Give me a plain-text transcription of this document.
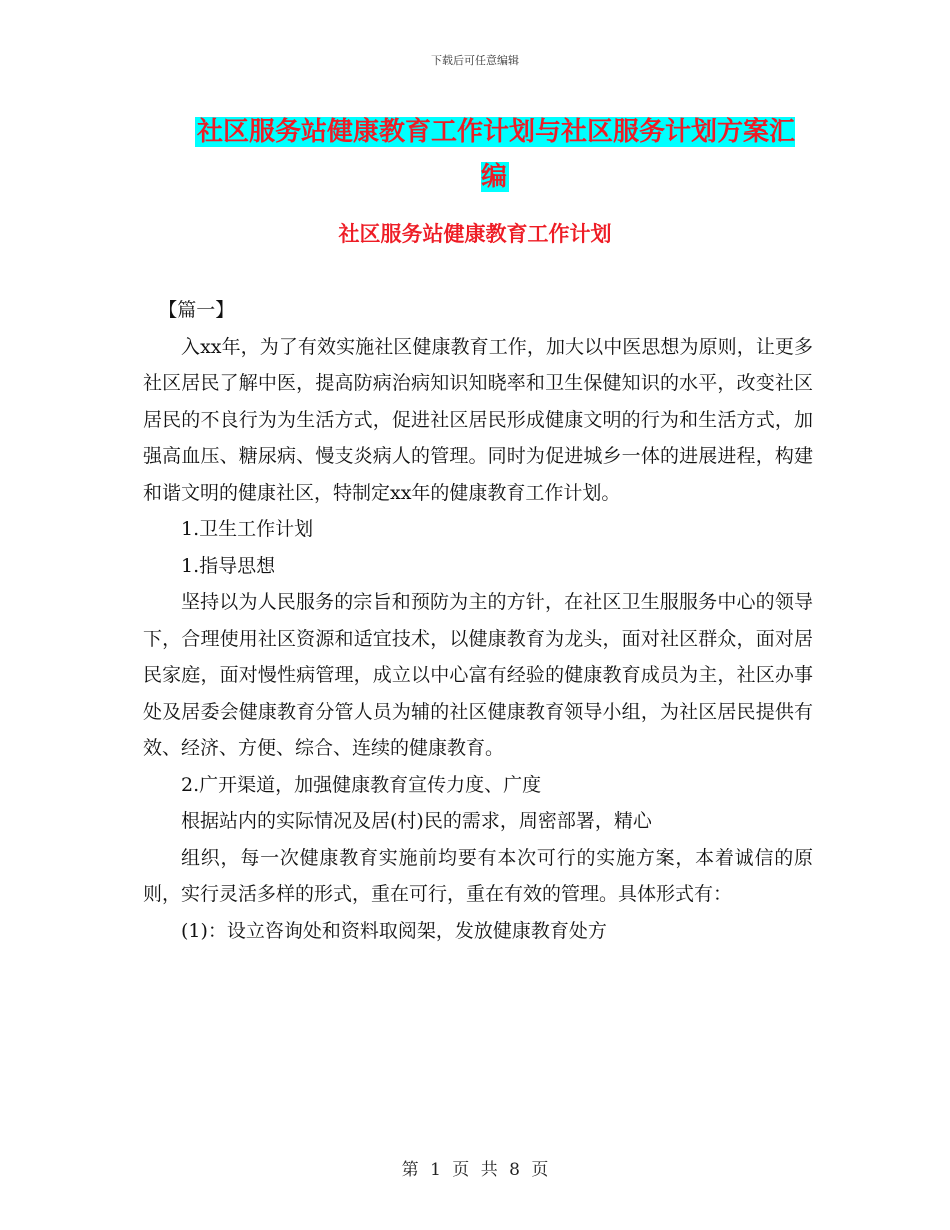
下载后可任意编辑
社区服务站健康教育工作计划与社区服务计划方案汇编
社区服务站健康教育工作计划

【篇一】

入xx年，为了有效实施社区健康教育工作，加大以中医思想为原则，让更多社区居民了解中医，提高防病治病知识知晓率和卫生保健知识的水平，改变社区居民的不良行为为生活方式，促进社区居民形成健康文明的行为和生活方式，加强高血压、糖尿病、慢支炎病人的管理。同时为促进城乡一体的进展进程，构建和谐文明的健康社区，特制定xx年的健康教育工作计划。

1.卫生工作计划

1.指导思想

坚持以为人民服务的宗旨和预防为主的方针，在社区卫生服服务中心的领导下，合理使用社区资源和适宜技术，以健康教育为龙头，面对社区群众，面对居民家庭，面对慢性病管理，成立以中心富有经验的健康教育成员为主，社区办事处及居委会健康教育分管人员为辅的社区健康教育领导小组，为社区居民提供有效、经济、方便、综合、连续的健康教育。

2.广开渠道，加强健康教育宣传力度、广度

根据站内的实际情况及居(村)民的需求，周密部署，精心

组织，每一次健康教育实施前均要有本次可行的实施方案，本着诚信的原则，实行灵活多样的形式，重在可行，重在有效的管理。具体形式有：

(1)：设立咨询处和资料取阅架，发放健康教育处方

第 1 页 共 8 页
